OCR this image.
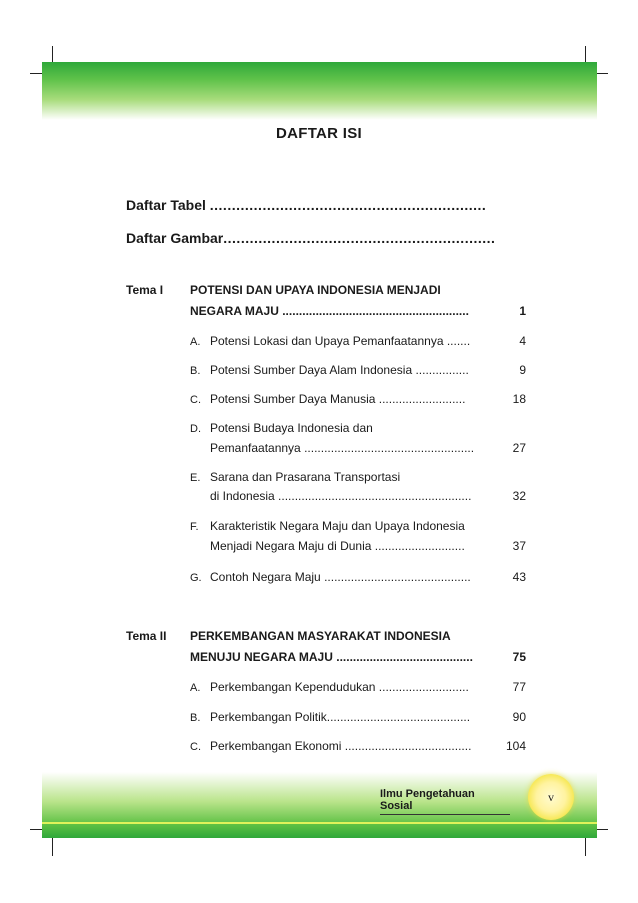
DAFTAR ISI
Daftar Tabel ...............................................................
Daftar Gambar..............................................................
Tema I POTENSI DAN UPAYA INDONESIA MENJADI
NEGARA MAJU ........................................................	1
A. Potensi Lokasi dan Upaya Pemanfaatannya .......	4
B. Potensi Sumber Daya Alam Indonesia ................	9
C. Potensi Sumber Daya Manusia ..........................	18
D. Potensi Budaya Indonesia dan
Pemanfaatannya ...................................................	27
E. Sarana dan Prasarana Transportasi
di Indonesia ..........................................................	32
F. Karakteristik Negara Maju dan Upaya Indonesia
Menjadi Negara Maju di Dunia ...........................	37
G. Contoh Negara Maju ............................................	43
Tema II PERKEMBANGAN MASYARAKAT INDONESIA
MENUJU NEGARA MAJU .........................................	75
A. Perkembangan Kependudukan ...........................	77
B. Perkembangan Politik...........................................	90
C. Perkembangan Ekonomi ......................................	104
Ilmu Pengetahuan Sosial
v
